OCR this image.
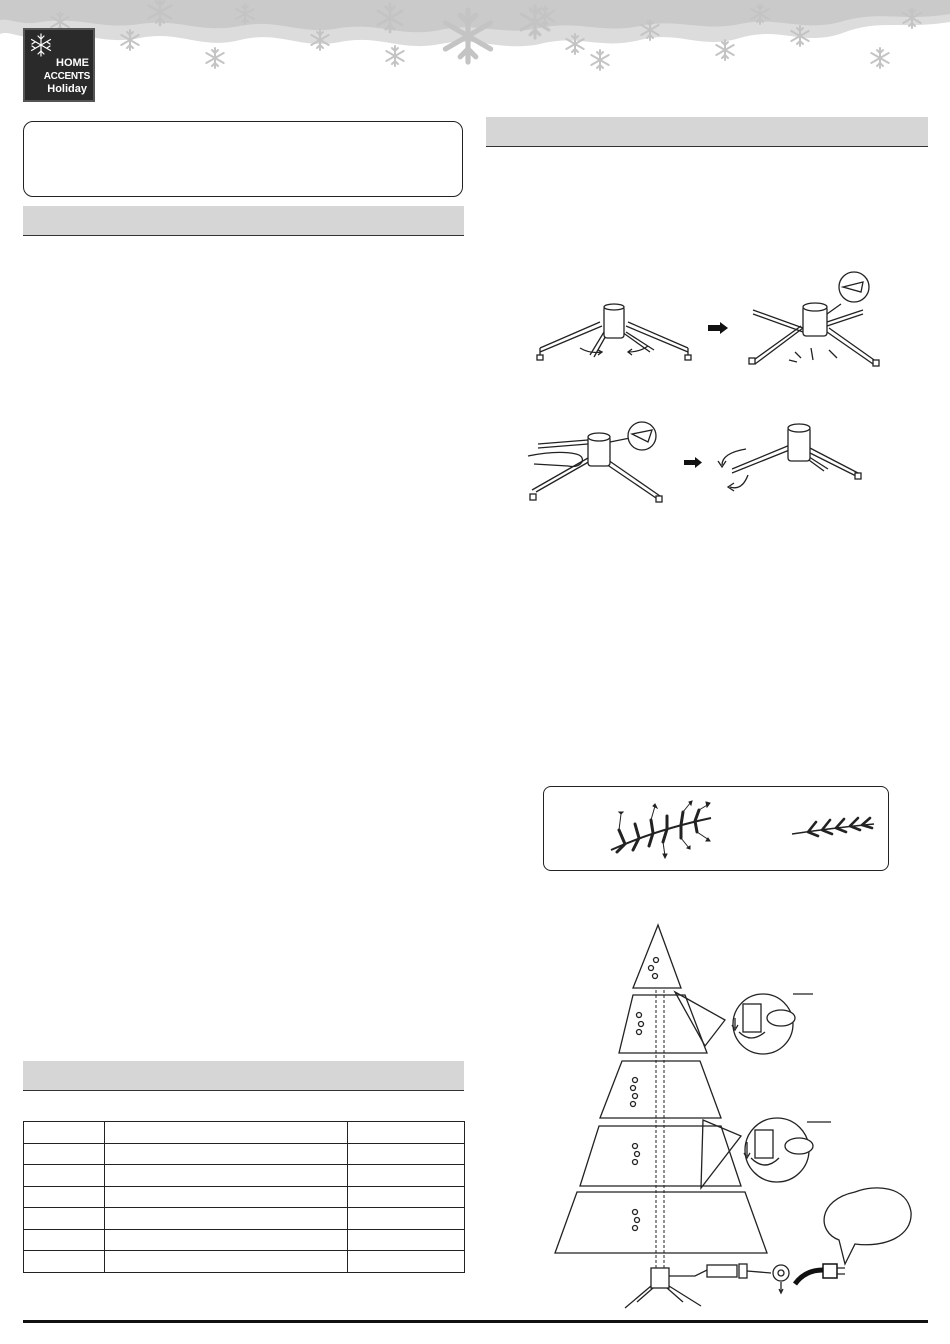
HOME
ACCENTS
Holiday
